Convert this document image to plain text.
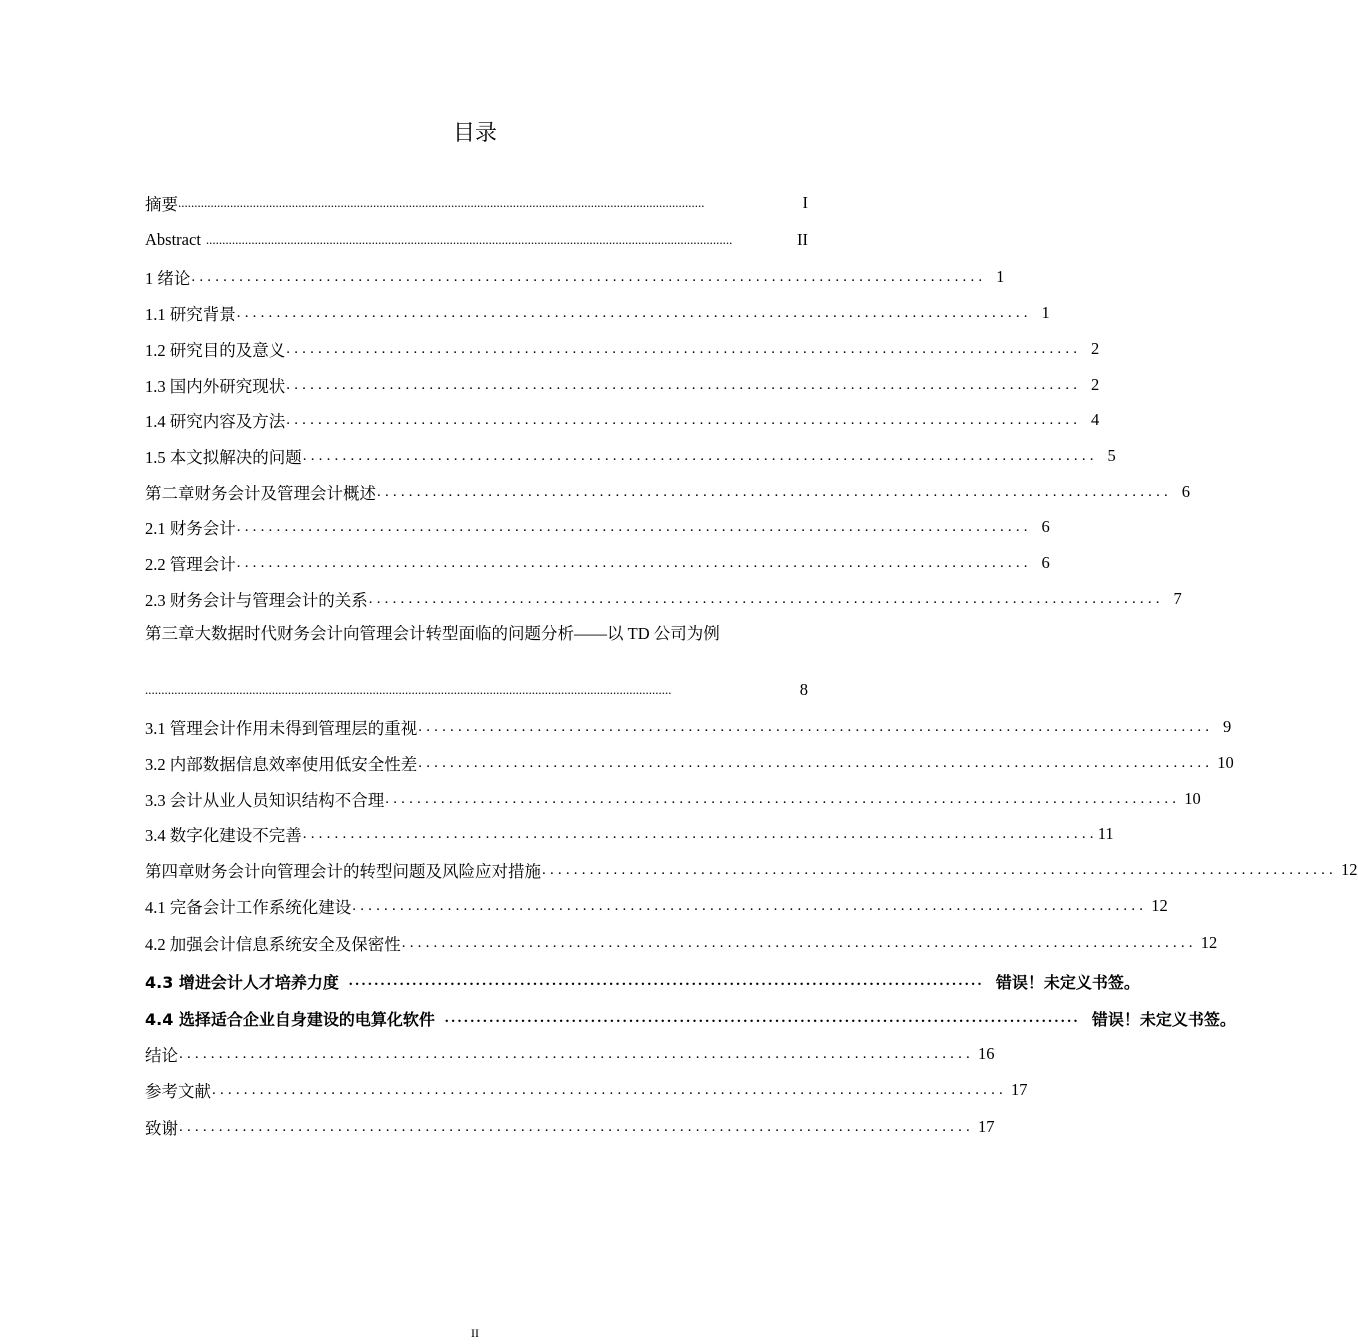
目录
摘要 ..................................................................................................................................................................	I
Abstract ..................................................................................................................................................................	II
1 绪论 .................................................................................................... 1
1.1 研究背景 .................................................................................................... 1
1.2 研究目的及意义 .................................................................................................... 2
1.3 国内外研究现状 .................................................................................................... 2
1.4 研究内容及方法 .................................................................................................... 4
1.5 本文拟解决的问题 .................................................................................................... 5
第二章财务会计及管理会计概述 .................................................................................................... 6
2.1 财务会计 .................................................................................................... 6
2.2 管理会计 .................................................................................................... 6
2.3 财务会计与管理会计的关系 .................................................................................................... 7
第三章大数据时代财务会计向管理会计转型面临的问题分析——以 TD 公司为例
..................................................................................................................................................................	8
3.1 管理会计作用未得到管理层的重视 .................................................................................................... 9
3.2 内部数据信息效率使用低安全性差 .................................................................................................... 10
3.3 会计从业人员知识结构不合理 .................................................................................................... 10
3.4 数字化建设不完善 .................................................................................................... 11
第四章财务会计向管理会计的转型问题及风险应对措施 .................................................................................................... 12
4.1 完备会计工作系统化建设 .................................................................................................... 12
4.2 加强会计信息系统安全及保密性 .................................................................................................... 12
4.3 增进会计人才培养力度 .................................................................................................... 错误！未定义书签。
4.4 选择适合企业自身建设的电算化软件 .................................................................................................... 错误！未定义书签。
结论 .................................................................................................... 16
参考文献 .................................................................................................... 17
致谢 .................................................................................................... 17
II
